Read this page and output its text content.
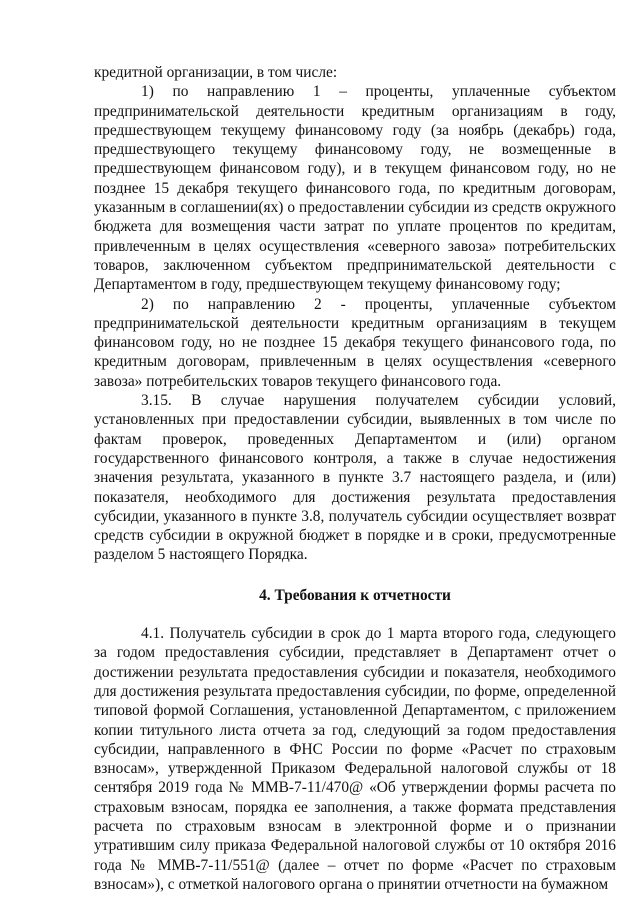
кредитной организации, в том числе:

1) по направлению 1 – проценты, уплаченные субъектом предпринимательской деятельности кредитным организациям в году, предшествующем текущему финансовому году (за ноябрь (декабрь) года, предшествующего текущему финансовому году, не возмещенные в предшествующем финансовом году), и в текущем финансовом году, но не позднее 15 декабря текущего финансового года, по кредитным договорам, указанным в соглашении(ях) о предоставлении субсидии из средств окружного бюджета для возмещения части затрат по уплате процентов по кредитам, привлеченным в целях осуществления «северного завоза» потребительских товаров, заключенном субъектом предпринимательской деятельности с Департаментом в году, предшествующем текущему финансовому году;

2) по направлению 2 - проценты, уплаченные субъектом предпринимательской деятельности кредитным организациям в текущем финансовом году, но не позднее 15 декабря текущего финансового года, по кредитным договорам, привлеченным в целях осуществления «северного завоза» потребительских товаров текущего финансового года.

3.15. В случае нарушения получателем субсидии условий, установленных при предоставлении субсидии, выявленных в том числе по фактам проверок, проведенных Департаментом и (или) органом государственного финансового контроля, а также в случае недостижения значения результата, указанного в пункте 3.7 настоящего раздела, и (или) показателя, необходимого для достижения результата предоставления субсидии, указанного в пункте 3.8, получатель субсидии осуществляет возврат средств субсидии в окружной бюджет в порядке и в сроки, предусмотренные разделом 5 настоящего Порядка.

4. Требования к отчетности

4.1. Получатель субсидии в срок до 1 марта второго года, следующего за годом предоставления субсидии, представляет в Департамент отчет о достижении результата предоставления субсидии и показателя, необходимого для достижения результата предоставления субсидии, по форме, определенной типовой формой Соглашения, установленной Департаментом, с приложением копии титульного листа отчета за год, следующий за годом предоставления субсидии, направленного в ФНС России по форме «Расчет по страховым взносам», утвержденной Приказом Федеральной налоговой службы от 18 сентября 2019 года № ММВ-7-11/470@ «Об утверждении формы расчета по страховым взносам, порядка ее заполнения, а также формата представления расчета по страховым взносам в электронной форме и о признании утратившим силу приказа Федеральной налоговой службы от 10 октября 2016 года № ММВ-7-11/551@ (далее – отчет по форме «Расчет по страховым взносам»), с отметкой налогового органа о принятии отчетности на бумажном
